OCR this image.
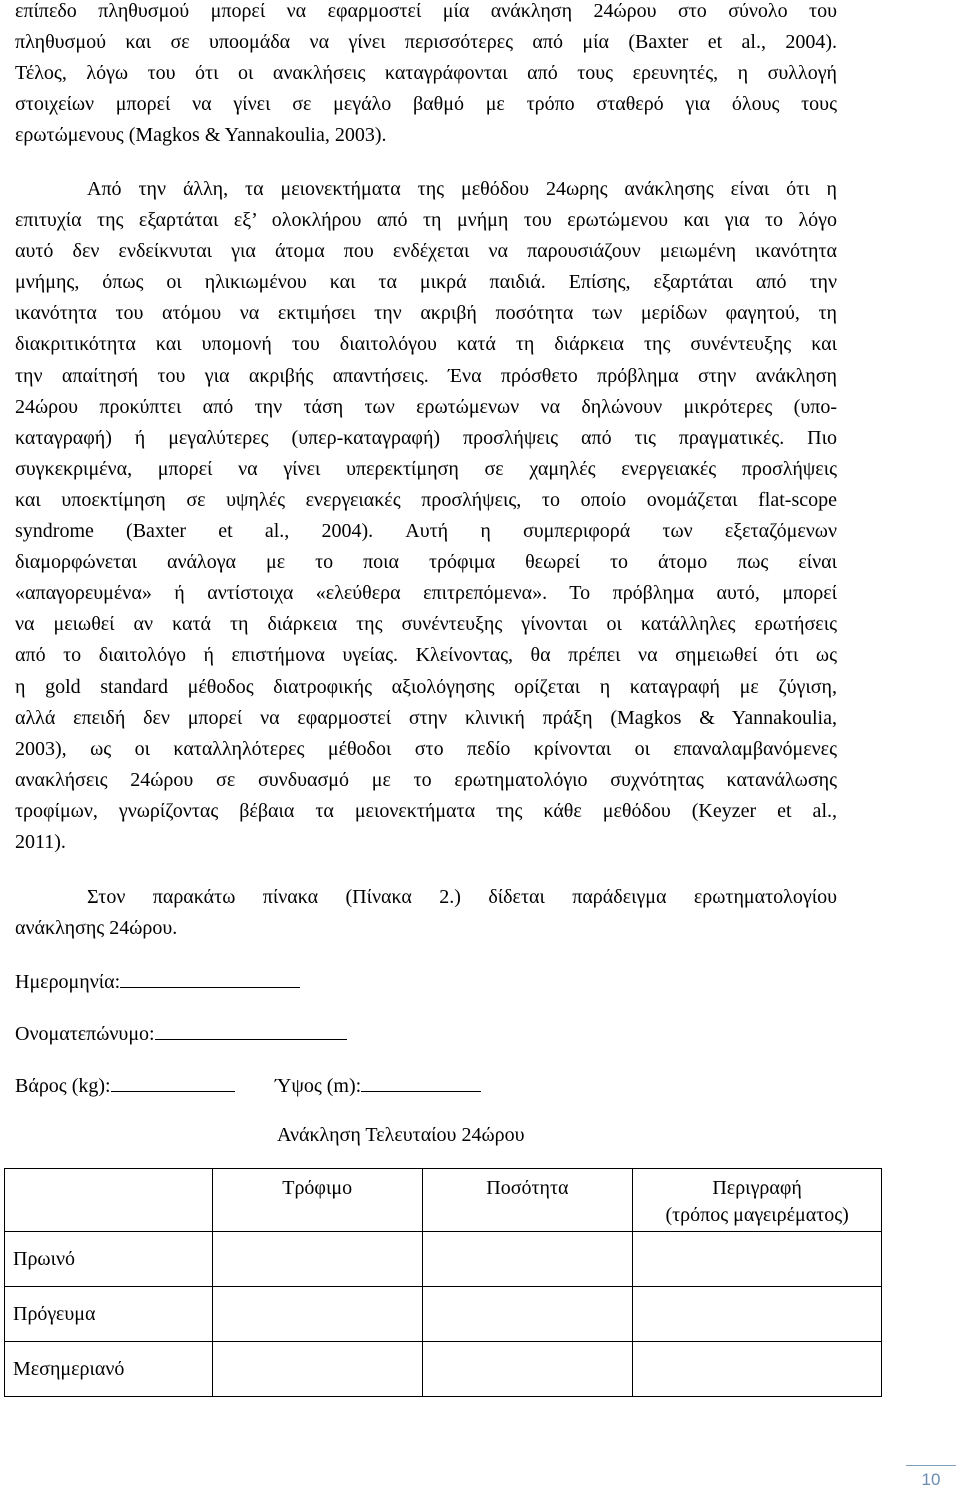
επίπεδο πληθυσμού μπορεί να εφαρμοστεί μία ανάκληση 24ώρου στο σύνολο του
πληθυσμού και σε υποομάδα να γίνει περισσότερες από μία (Baxter et al., 2004).
Τέλος, λόγω του ότι οι ανακλήσεις καταγράφονται από τους ερευνητές, η συλλογή
στοιχείων μπορεί να γίνει σε μεγάλο βαθμό με τρόπο σταθερό για όλους τους
ερωτώμενους (Magkos & Yannakoulia, 2003).
Από την άλλη, τα μειονεκτήματα της μεθόδου 24ωρης ανάκλησης είναι ότι η
επιτυχία της εξαρτάται εξ’ ολοκλήρου από τη μνήμη του ερωτώμενου και για το λόγο
αυτό δεν ενδείκνυται για άτομα που ενδέχεται να παρουσιάζουν μειωμένη ικανότητα
μνήμης, όπως οι ηλικιωμένου και τα μικρά παιδιά. Επίσης, εξαρτάται από την
ικανότητα του ατόμου να εκτιμήσει την ακριβή ποσότητα των μερίδων φαγητού, τη
διακριτικότητα και υπομονή του διαιτολόγου κατά τη διάρκεια της συνέντευξης και
την απαίτησή του για ακριβής απαντήσεις. Ένα πρόσθετο πρόβλημα στην ανάκληση
24ώρου προκύπτει από την τάση των ερωτώμενων να δηλώνουν μικρότερες (υπο-
καταγραφή) ή μεγαλύτερες (υπερ-καταγραφή) προσλήψεις από τις πραγματικές. Πιο
συγκεκριμένα, μπορεί να γίνει υπερεκτίμηση σε χαμηλές ενεργειακές προσλήψεις
και υποεκτίμηση σε υψηλές ενεργειακές προσλήψεις, το οποίο ονομάζεται flat-scope
syndrome (Baxter et al., 2004). Αυτή η συμπεριφορά των εξεταζόμενων
διαμορφώνεται ανάλογα με το ποια τρόφιμα θεωρεί το άτομο πως είναι
«απαγορευμένα» ή αντίστοιχα «ελεύθερα επιτρεπόμενα». Το πρόβλημα αυτό, μπορεί
να μειωθεί αν κατά τη διάρκεια της συνέντευξης γίνονται οι κατάλληλες ερωτήσεις
από το διαιτολόγο ή επιστήμονα υγείας. Κλείνοντας, θα πρέπει να σημειωθεί ότι ως
η gold standard μέθοδος διατροφικής αξιολόγησης ορίζεται η καταγραφή με ζύγιση,
αλλά επειδή δεν μπορεί να εφαρμοστεί στην κλινική πράξη (Magkos & Yannakoulia,
2003), ως οι καταλληλότερες μέθοδοι στο πεδίο κρίνονται οι επαναλαμβανόμενες
ανακλήσεις 24ώρου σε συνδυασμό με το ερωτηματολόγιο συχνότητας κατανάλωσης
τροφίμων, γνωρίζοντας βέβαια τα μειονεκτήματα της κάθε μεθόδου (Keyzer et al.,
2011).
Στον παρακάτω πίνακα (Πίνακα 2.) δίδεται παράδειγμα ερωτηματολογίου
ανάκλησης 24ώρου.
Ημερομηνία:
Ονοματεπώνυμο:
Βάρος (kg):	Ύψος (m):
Ανάκληση Τελευταίου 24ώρου
	Τρόφιμο	Ποσότητα	Περιγραφή
(τρόπος μαγειρέματος)

Πρωινό			
Πρόγευμα			
Μεσημεριανό			
10
